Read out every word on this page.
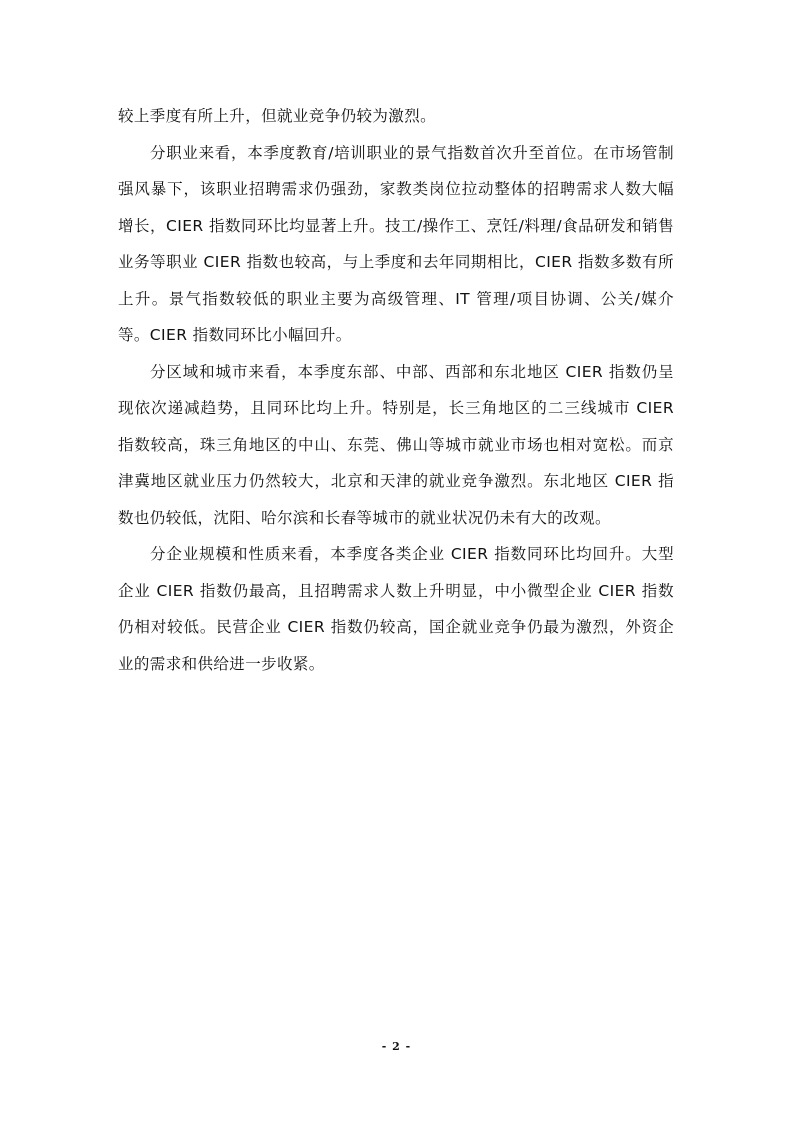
较上季度有所上升，但就业竞争仍较为激烈。

分职业来看，本季度教育/培训职业的景气指数首次升至首位。在市场管制强风暴下，该职业招聘需求仍强劲，家教类岗位拉动整体的招聘需求人数大幅增长，CIER 指数同环比均显著上升。技工/操作工、烹饪/料理/食品研发和销售业务等职业 CIER 指数也较高，与上季度和去年同期相比，CIER 指数多数有所上升。景气指数较低的职业主要为高级管理、IT 管理/项目协调、公关/媒介等。CIER 指数同环比小幅回升。

分区域和城市来看，本季度东部、中部、西部和东北地区 CIER 指数仍呈现依次递减趋势，且同环比均上升。特别是，长三角地区的二三线城市 CIER 指数较高，珠三角地区的中山、东莞、佛山等城市就业市场也相对宽松。而京津冀地区就业压力仍然较大，北京和天津的就业竞争激烈。东北地区 CIER 指数也仍较低，沈阳、哈尔滨和长春等城市的就业状况仍未有大的改观。

分企业规模和性质来看，本季度各类企业 CIER 指数同环比均回升。大型企业 CIER 指数仍最高，且招聘需求人数上升明显，中小微型企业 CIER 指数仍相对较低。民营企业 CIER 指数仍较高，国企就业竞争仍最为激烈，外资企业的需求和供给进一步收紧。

- 2 -
